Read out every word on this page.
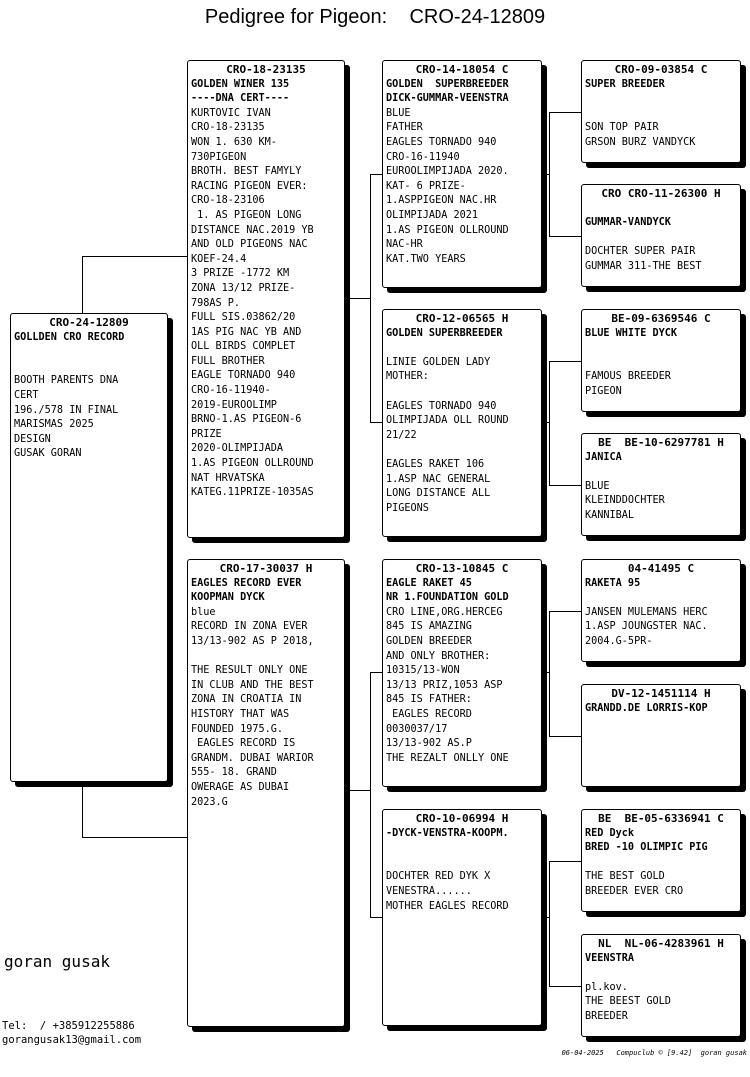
Pedigree for Pigeon:    CRO-24-12809
CRO-24-12809
GOLLDEN CRO RECORD
BOOTH PARENTS DNA
CERT
196./578 IN FINAL
MARISMAS 2025
DESIGN
GUSAK GORAN
CRO-18-23135
GOLDEN WINER 135
----DNA CERT----
KURTOVIC IVAN
CRO-18-23135
WON 1. 630 KM-
730PIGEON
BROTH. BEST FAMYLY
RACING PIGEON EVER:
CRO-18-23106
1. AS PIGEON LONG
DISTANCE NAC.2019 YB
AND OLD PIGEONS NAC
KOEF-24.4
3 PRIZE -1772 KM
ZONA 13/12 PRIZE-
798AS P.
FULL SIS.03862/20
1AS PIG NAC YB AND
OLL BIRDS COMPLET
FULL BROTHER
EAGLE TORNADO 940
CRO-16-11940-
2019-EUROOLIMP
BRNO-1.AS PIGEON-6
PRIZE
2020-OLIMPIJADA
1.AS PIGEON OLLROUND
NAT HRVATSKA
KATEG.11PRIZE-1035AS
CRO-17-30037 H
EAGLES RECORD EVER
KOOPMAN DYCK
blue
RECORD IN ZONA EVER
13/13-902 AS P 2018,
THE RESULT ONLY ONE
IN CLUB AND THE BEST
ZONA IN CROATIA IN
HISTORY THAT WAS
FOUNDED 1975.G.
EAGLES RECORD IS
GRANDM. DUBAI WARIOR
555- 18. GRAND
OWERAGE AS DUBAI
2023.G
CRO-14-18054 C
GOLDEN  SUPERBREEDER
DICK-GUMMAR-VEENSTRA
BLUE
FATHER
EAGLES TORNADO 940
CRO-16-11940
EUROOLIMPIJADA 2020.
KAT- 6 PRIZE-
1.ASPPIGEON NAC.HR
OLIMPIJADA 2021
1.AS PIGEON OLLROUND
NAC-HR
KAT.TWO YEARS
CRO-12-06565 H
GOLDEN SUPERBREEDER
LINIE GOLDEN LADY
MOTHER:
EAGLES TORNADO 940
OLIMPIJADA OLL ROUND
21/22
EAGLES RAKET 106
1.ASP NAC GENERAL
LONG DISTANCE ALL
PIGEONS
CRO-13-10845 C
EAGLE RAKET 45
NR 1.FOUNDATION GOLD
CRO LINE,ORG.HERCEG
845 IS AMAZING
GOLDEN BREEDER
AND ONLY BROTHER:
10315/13-WON
13/13 PRIZ,1053 ASP
845 IS FATHER:
EAGLES RECORD
0030037/17
13/13-902 AS.P
THE REZALT ONLLY ONE
CRO-10-06994 H
-DYCK-VENSTRA-KOOPM.
DOCHTER RED DYK X
VENESTRA......
MOTHER EAGLES RECORD
CRO-09-03854 C
SUPER BREEDER
SON TOP PAIR
GRSON BURZ VANDYCK
CRO CRO-11-26300 H
GUMMAR-VANDYCK
DOCHTER SUPER PAIR
GUMMAR 311-THE BEST
BE-09-6369546 C
BLUE WHITE DYCK
FAMOUS BREEDER
PIGEON
BE  BE-10-6297781 H
JANICA
BLUE
KLEINDDOCHTER
KANNIBAL
04-41495 C
RAKETA 95
JANSEN MULEMANS HERC
1.ASP JOUNGSTER NAC.
2004.G-5PR-
DV-12-1451114 H
GRANDD.DE LORRIS-KOP
BE  BE-05-6336941 C
RED Dyck
BRED -10 OLIMPIC PIG
THE BEST GOLD
BREEDER EVER CRO
NL  NL-06-4283961 H
VEENSTRA
pl.kov.
THE BEEST GOLD
BREEDER
goran gusak
Tel:  / +385912255886
gorangusak13@gmail.com
06-04-2025   Compuclub © [9.42]  goran gusak
